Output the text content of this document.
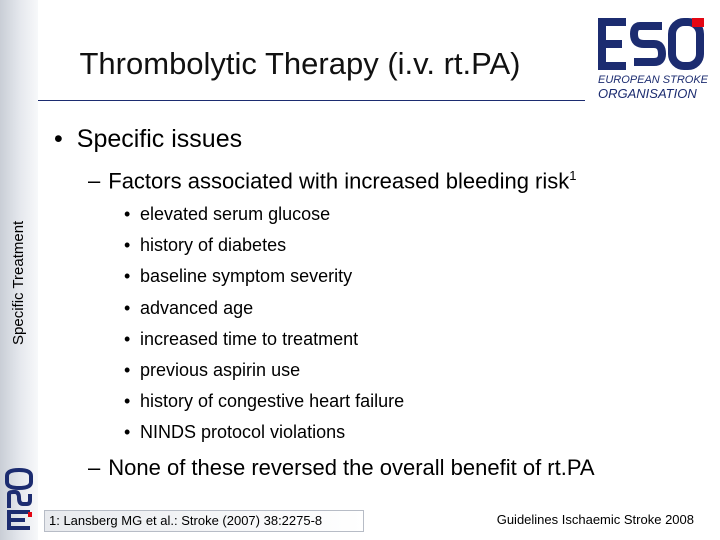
Specific Treatment
Thrombolytic Therapy (i.v. rt.PA)	EUROPEAN STROKE
ORGANISATION
• Specific issues
– Factors associated with increased bleeding risk$^1$
• elevated serum glucose
• history of diabetes
• baseline symptom severity
• advanced age
• increased time to treatment
• previous aspirin use
• history of congestive heart failure
• NINDS protocol violations
– None of these reversed the overall benefit of rt.PA
1: Lansberg MG et al.: Stroke (2007) 38:2275-8	Guidelines Ischaemic Stroke 2008
